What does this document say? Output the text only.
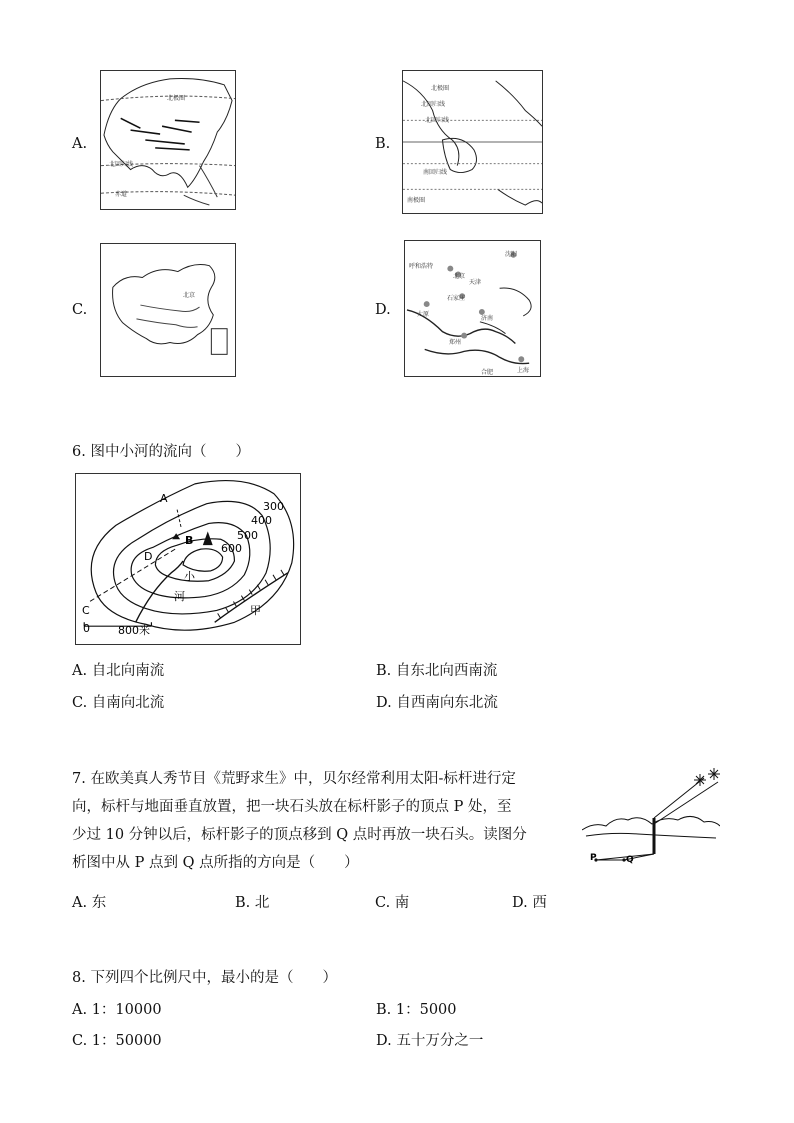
A.
北极圈
北回归线
赤道
B.
北极圈
北回归线
北回归线
南回归线
南极圈
C.
北京
D.
沈阳
呼和浩特
北京
天津
石家庄
太原
济南
郑州
合肥	上海
6. 图中小河的流向（　　）
300
400
500
600
A
B
D
C
小
河
甲
0	800米
A. 自北向南流	B. 自东北向西南流
C. 自南向北流	D. 自西南向东北流
7. 在欧美真人秀节目《荒野求生》中，贝尔经常利用太阳-标杆进行定
向，标杆与地面垂直放置，把一块石头放在标杆影子的顶点 P 处，至
少过 10 分钟以后，标杆影子的顶点移到 Q 点时再放一块石头。读图分
析图中从 P 点到 Q 点所指的方向是（　　）	P	Q
A. 东	B. 北	C. 南	D. 西
8. 下列四个比例尺中，最小的是（　　）
A. 1：10000	B. 1：5000
C. 1：50000	D. 五十万分之一
